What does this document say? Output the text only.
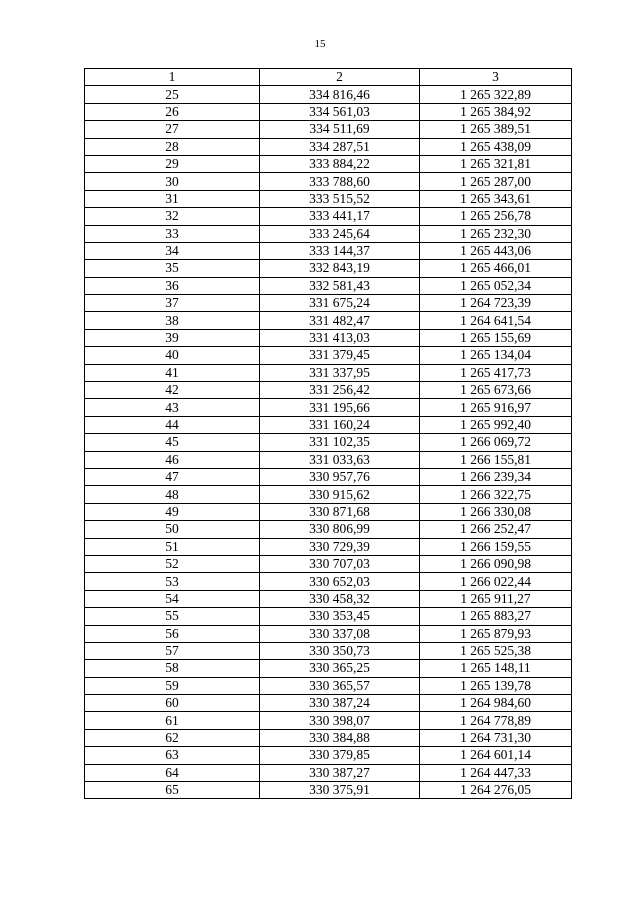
15
1	2	3
25	334 816,46	1 265 322,89
26	334 561,03	1 265 384,92
27	334 511,69	1 265 389,51
28	334 287,51	1 265 438,09
29	333 884,22	1 265 321,81
30	333 788,60	1 265 287,00
31	333 515,52	1 265 343,61
32	333 441,17	1 265 256,78
33	333 245,64	1 265 232,30
34	333 144,37	1 265 443,06
35	332 843,19	1 265 466,01
36	332 581,43	1 265 052,34
37	331 675,24	1 264 723,39
38	331 482,47	1 264 641,54
39	331 413,03	1 265 155,69
40	331 379,45	1 265 134,04
41	331 337,95	1 265 417,73
42	331 256,42	1 265 673,66
43	331 195,66	1 265 916,97
44	331 160,24	1 265 992,40
45	331 102,35	1 266 069,72
46	331 033,63	1 266 155,81
47	330 957,76	1 266 239,34
48	330 915,62	1 266 322,75
49	330 871,68	1 266 330,08
50	330 806,99	1 266 252,47
51	330 729,39	1 266 159,55
52	330 707,03	1 266 090,98
53	330 652,03	1 266 022,44
54	330 458,32	1 265 911,27
55	330 353,45	1 265 883,27
56	330 337,08	1 265 879,93
57	330 350,73	1 265 525,38
58	330 365,25	1 265 148,11
59	330 365,57	1 265 139,78
60	330 387,24	1 264 984,60
61	330 398,07	1 264 778,89
62	330 384,88	1 264 731,30
63	330 379,85	1 264 601,14
64	330 387,27	1 264 447,33
65	330 375,91	1 264 276,05
